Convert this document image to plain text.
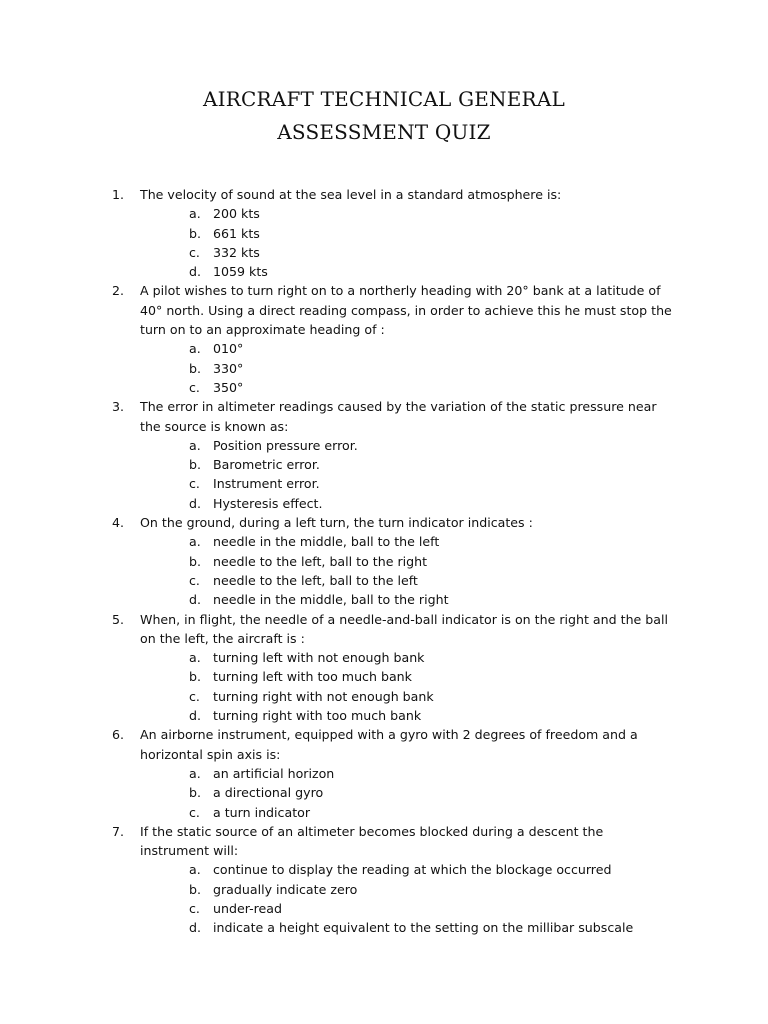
AIRCRAFT TECHNICAL GENERAL
ASSESSMENT QUIZ
1. The velocity of sound at the sea level in a standard atmosphere is:
a. 200 kts
b. 661 kts
c. 332 kts
d. 1059 kts
2. A pilot wishes to turn right on to a northerly heading with 20° bank at a latitude of 40° north. Using a direct reading compass, in order to achieve this he must stop the turn on to an approximate heading of :
a. 010°
b. 330°
c. 350°
3. The error in altimeter readings caused by the variation of the static pressure near the source is known as:
a. Position pressure error.
b. Barometric error.
c. Instrument error.
d. Hysteresis effect.
4. On the ground, during a left turn, the turn indicator indicates :
a. needle in the middle, ball to the left
b. needle to the left, ball to the right
c. needle to the left, ball to the left
d. needle in the middle, ball to the right
5. When, in flight, the needle of a needle-and-ball indicator is on the right and the ball on the left, the aircraft is :
a. turning left with not enough bank
b. turning left with too much bank
c. turning right with not enough bank
d. turning right with too much bank
6. An airborne instrument, equipped with a gyro with 2 degrees of freedom and a horizontal spin axis is:
a. an artificial horizon
b. a directional gyro
c. a turn indicator
7. If the static source of an altimeter becomes blocked during a descent the instrument will:
a. continue to display the reading at which the blockage occurred
b. gradually indicate zero
c. under-read
d. indicate a height equivalent to the setting on the millibar subscale
